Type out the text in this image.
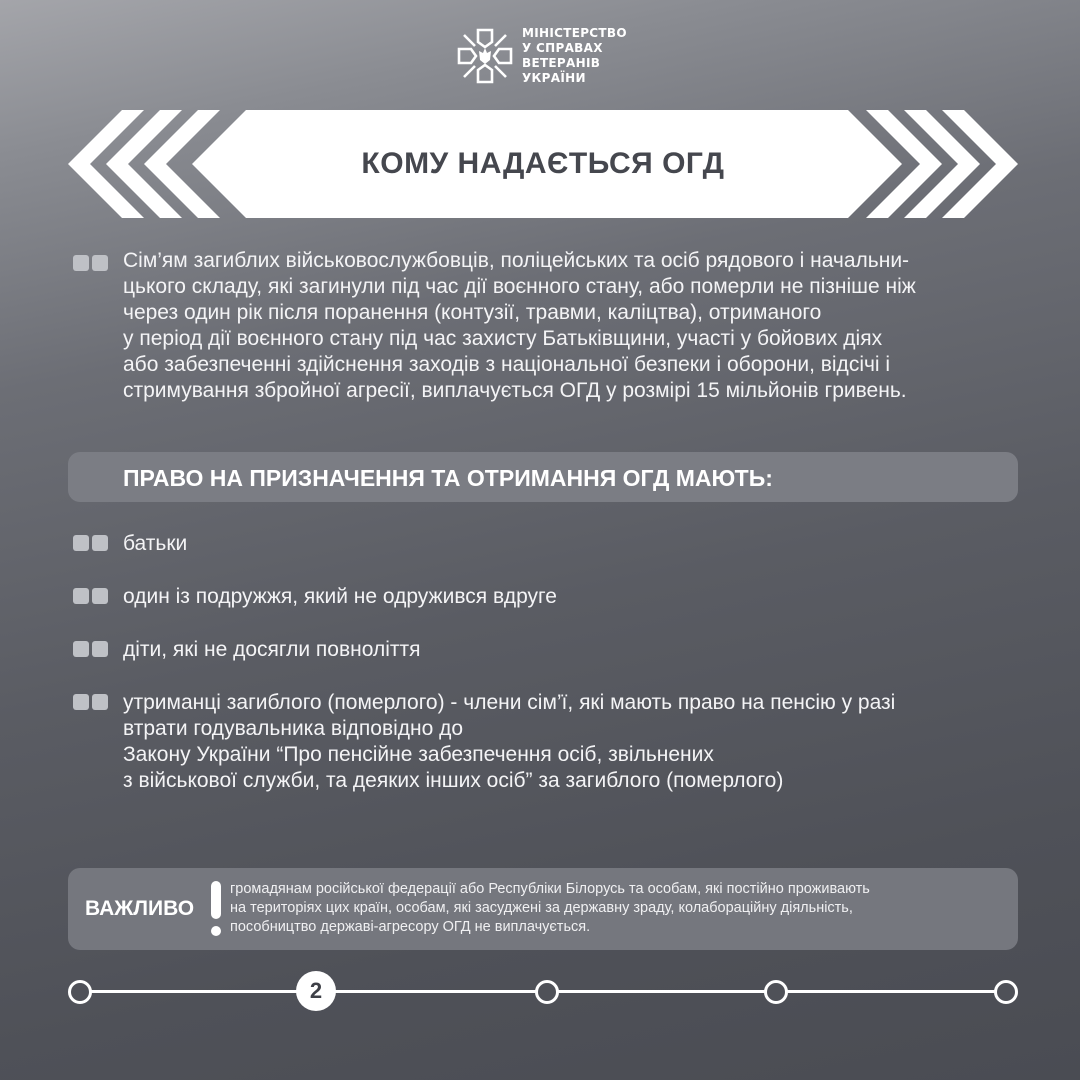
МІНІСТЕРСТВО
У СПРАВАХ
ВЕТЕРАНІВ
УКРАЇНИ
КОМУ НАДАЄТЬСЯ ОГД
Сім’ям загиблих військовослужбовців, поліцейських та осіб рядового і начальни-
цького складу, які загинули під час дії воєнного стану, або померли не пізніше ніж
через один рік після поранення (контузії, травми, каліцтва), отриманого
у період дії воєнного стану під час захисту Батьківщини, участі у бойових діях
або забезпеченні здійснення заходів з національної безпеки і оборони, відсічі і
стримування збройної агресії, виплачується ОГД у розмірі 15 мільйонів гривень.
ПРАВО НА ПРИЗНАЧЕННЯ ТА ОТРИМАННЯ ОГД МАЮТЬ:
батьки
один із подружжя, який не одружився вдруге
діти, які не досягли повноліття
утриманці загиблого (померлого) - члени сім’ї, які мають право на пенсію у разі
втрати годувальника відповідно до
Закону України “Про пенсійне забезпечення осіб, звільнених
з військової служби, та деяких інших осіб” за загиблого (померлого)
ВАЖЛИВО
громадянам російської федерації або Республіки Білорусь та особам, які постійно проживають
на територіях цих країн, особам, які засуджені за державну зраду, колабораційну діяльність,
пособництво державі-агресору ОГД не виплачується.
2
